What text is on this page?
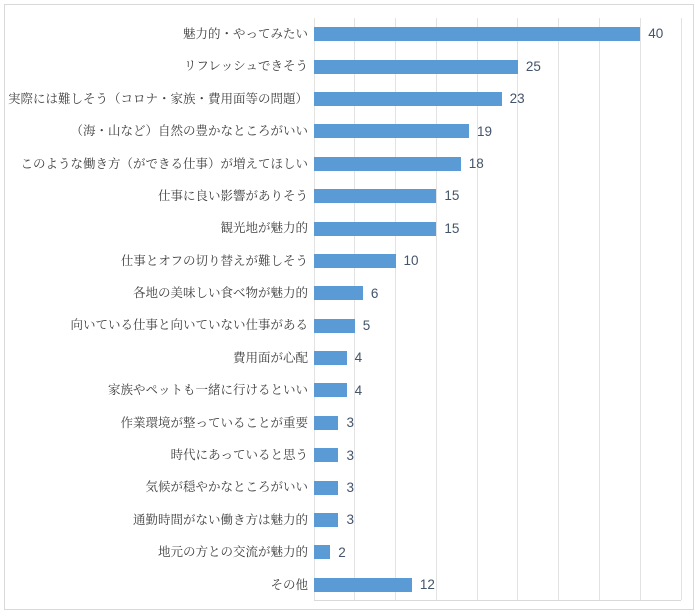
魅力的・やってみたい	40
リフレッシュできそう	25
実際には難しそう（コロナ・家族・費用面等の問題）	23
（海・山など）自然の豊かなところがいい	19
このような働き方（ができる仕事）が増えてほしい	18
仕事に良い影響がありそう	15
観光地が魅力的	15
仕事とオフの切り替えが難しそう	10
各地の美味しい食べ物が魅力的	6
向いている仕事と向いていない仕事がある	5
費用面が心配	4
家族やペットも一緒に行けるといい	4
作業環境が整っていることが重要	3
時代にあっていると思う	3
気候が穏やかなところがいい	3
通勤時間がない働き方は魅力的	3
地元の方との交流が魅力的	2
その他	12
